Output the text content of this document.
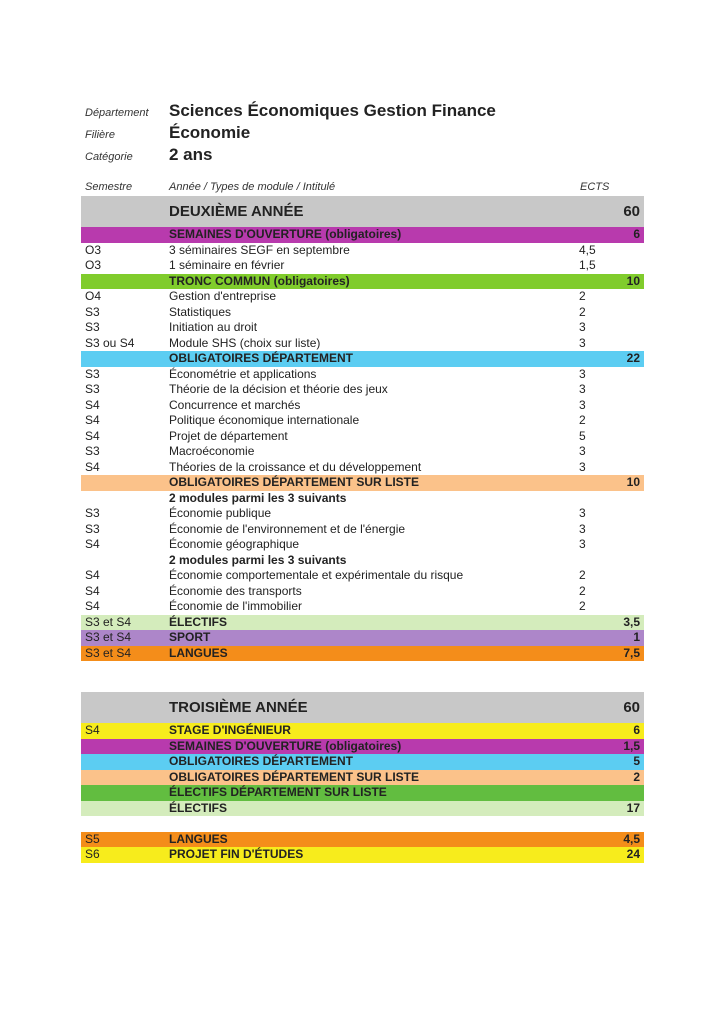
Département	Sciences Économiques Gestion Finance
Filière	Économie
Catégorie	2 ans
Semestre	Année / Types de module / Intitulé	ECTS
DEUXIÈME ANNÉE	60
SEMAINES D'OUVERTURE (obligatoires)	6
O3	3 séminaires SEGF en septembre	4,5
O3	1 séminaire en février	1,5
TRONC COMMUN (obligatoires)	10
O4	Gestion d'entreprise	2
S3	Statistiques	2
S3	Initiation au droit	3
S3 ou S4	Module SHS (choix sur liste)	3
OBLIGATOIRES DÉPARTEMENT	22
S3	Économétrie et applications	3
S3	Théorie de la décision et théorie des jeux	3
S4	Concurrence et marchés	3
S4	Politique économique internationale	2
S4	Projet de département	5
S3	Macroéconomie	3
S4	Théories de la croissance et du développement	3
OBLIGATOIRES DÉPARTEMENT SUR LISTE	10
2 modules parmi les 3 suivants
S3	Économie publique	3
S3	Économie de l'environnement et de l'énergie	3
S4	Économie géographique	3
2 modules parmi les 3 suivants
S4	Économie comportementale et expérimentale du risque	2
S4	Économie des transports	2
S4	Économie de l'immobilier	2
S3 et S4	ÉLECTIFS	3,5
S3 et S4	SPORT	1
S3 et S4	LANGUES	7,5
TROISIÈME ANNÉE	60
S4	STAGE D'INGÉNIEUR	6
SEMAINES D'OUVERTURE (obligatoires)	1,5
OBLIGATOIRES DÉPARTEMENT	5
OBLIGATOIRES DÉPARTEMENT SUR LISTE	2
ÉLECTIFS DÉPARTEMENT SUR LISTE
ÉLECTIFS	17
S5	LANGUES	4,5
S6	PROJET FIN D'ÉTUDES	24
